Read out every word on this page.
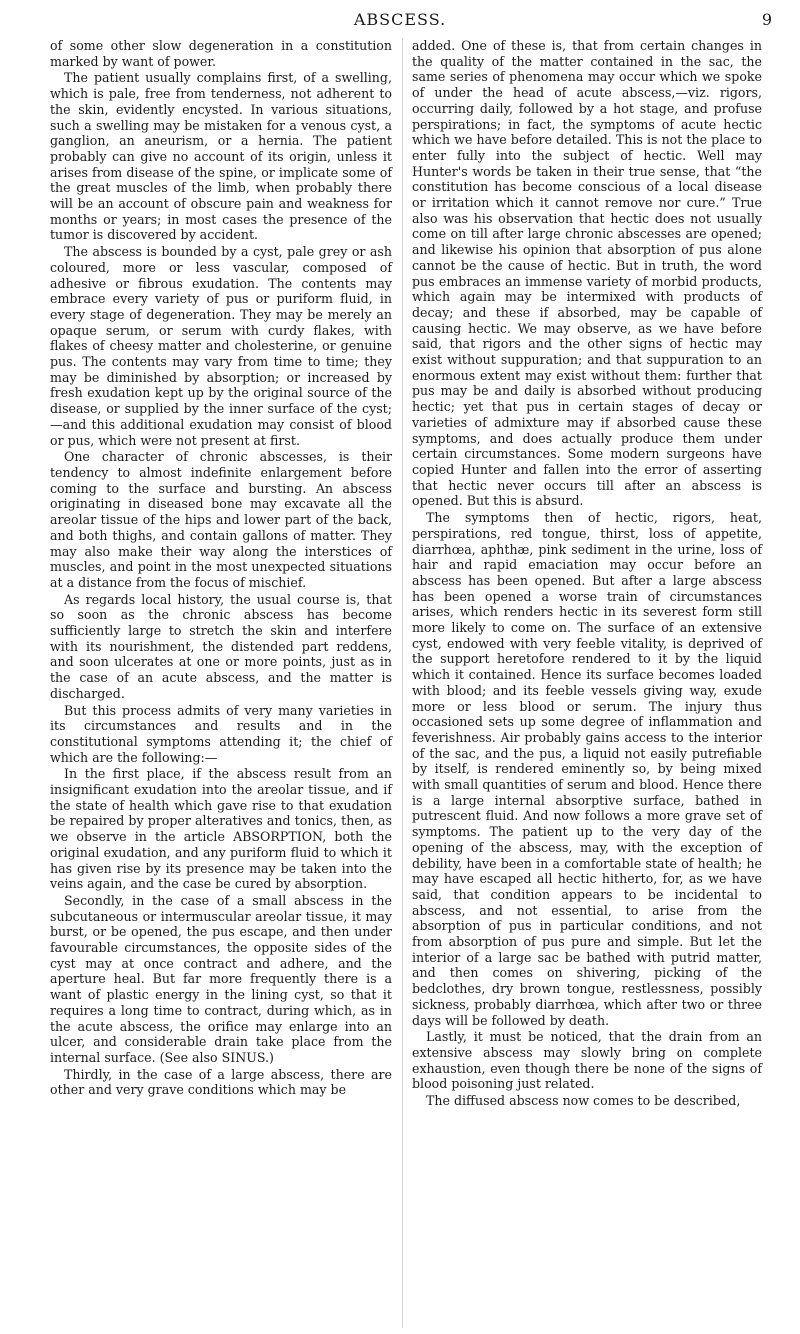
ABSCESS.	9

of some other slow degeneration in a constitution marked by want of power.

The patient usually complains first, of a swelling, which is pale, free from tenderness, not adherent to the skin, evidently encysted. In various situations, such a swelling may be mistaken for a venous cyst, a ganglion, an aneurism, or a hernia. The patient probably can give no account of its origin, unless it arises from disease of the spine, or implicate some of the great muscles of the limb, when probably there will be an account of obscure pain and weakness for months or years; in most cases the presence of the tumor is discovered by accident.

The abscess is bounded by a cyst, pale grey or ash coloured, more or less vascular, composed of adhesive or fibrous exudation. The contents may embrace every variety of pus or puriform fluid, in every stage of degeneration. They may be merely an opaque serum, or serum with curdy flakes, with flakes of cheesy matter and cholesterine, or genuine pus. The contents may vary from time to time; they may be diminished by absorption; or increased by fresh exudation kept up by the original source of the disease, or supplied by the inner surface of the cyst;—and this additional exudation may consist of blood or pus, which were not present at first.

One character of chronic abscesses, is their tendency to almost indefinite enlargement before coming to the surface and bursting. An abscess originating in diseased bone may excavate all the areolar tissue of the hips and lower part of the back, and both thighs, and contain gallons of matter. They may also make their way along the interstices of muscles, and point in the most unexpected situations at a distance from the focus of mischief.

As regards local history, the usual course is, that so soon as the chronic abscess has become sufficiently large to stretch the skin and interfere with its nourishment, the distended part reddens, and soon ulcerates at one or more points, just as in the case of an acute abscess, and the matter is discharged.

But this process admits of very many varieties in its circumstances and results and in the constitutional symptoms attending it; the chief of which are the following:—

In the first place, if the abscess result from an insignificant exudation into the areolar tissue, and if the state of health which gave rise to that exudation be repaired by proper alteratives and tonics, then, as we observe in the article ABSORPTION, both the original exudation, and any puriform fluid to which it has given rise by its presence may be taken into the veins again, and the case be cured by absorption.

Secondly, in the case of a small abscess in the subcutaneous or intermuscular areolar tissue, it may burst, or be opened, the pus escape, and then under favourable circumstances, the opposite sides of the cyst may at once contract and adhere, and the aperture heal. But far more frequently there is a want of plastic energy in the lining cyst, so that it requires a long time to contract, during which, as in the acute abscess, the orifice may enlarge into an ulcer, and considerable drain take place from the internal surface. (See also SINUS.)

Thirdly, in the case of a large abscess, there are other and very grave conditions which may be

added. One of these is, that from certain changes in the quality of the matter contained in the sac, the same series of phenomena may occur which we spoke of under the head of acute abscess,—viz. rigors, occurring daily, followed by a hot stage, and profuse perspirations; in fact, the symptoms of acute hectic which we have before detailed. This is not the place to enter fully into the subject of hectic. Well may Hunter's words be taken in their true sense, that “the constitution has become conscious of a local disease or irritation which it cannot remove nor cure.” True also was his observation that hectic does not usually come on till after large chronic abscesses are opened; and likewise his opinion that absorption of pus alone cannot be the cause of hectic. But in truth, the word pus embraces an immense variety of morbid products, which again may be intermixed with products of decay; and these if absorbed, may be capable of causing hectic. We may observe, as we have before said, that rigors and the other signs of hectic may exist without suppuration; and that suppuration to an enormous extent may exist without them: further that pus may be and daily is absorbed without producing hectic; yet that pus in certain stages of decay or varieties of admixture may if absorbed cause these symptoms, and does actually produce them under certain circumstances. Some modern surgeons have copied Hunter and fallen into the error of asserting that hectic never occurs till after an abscess is opened. But this is absurd.

The symptoms then of hectic, rigors, heat, perspirations, red tongue, thirst, loss of appetite, diarrhœa, aphthæ, pink sediment in the urine, loss of hair and rapid emaciation may occur before an abscess has been opened. But after a large abscess has been opened a worse train of circumstances arises, which renders hectic in its severest form still more likely to come on. The surface of an extensive cyst, endowed with very feeble vitality, is deprived of the support heretofore rendered to it by the liquid which it contained. Hence its surface becomes loaded with blood; and its feeble vessels giving way, exude more or less blood or serum. The injury thus occasioned sets up some degree of inflammation and feverishness. Air probably gains access to the interior of the sac, and the pus, a liquid not easily putrefiable by itself, is rendered eminently so, by being mixed with small quantities of serum and blood. Hence there is a large internal absorptive surface, bathed in putrescent fluid. And now follows a more grave set of symptoms. The patient up to the very day of the opening of the abscess, may, with the exception of debility, have been in a comfortable state of health; he may have escaped all hectic hitherto, for, as we have said, that condition appears to be incidental to abscess, and not essential, to arise from the absorption of pus in particular conditions, and not from absorption of pus pure and simple. But let the interior of a large sac be bathed with putrid matter, and then comes on shivering, picking of the bedclothes, dry brown tongue, restlessness, possibly sickness, probably diarrhœa, which after two or three days will be followed by death.

Lastly, it must be noticed, that the drain from an extensive abscess may slowly bring on complete exhaustion, even though there be none of the signs of blood poisoning just related.

The diffused abscess now comes to be described,
